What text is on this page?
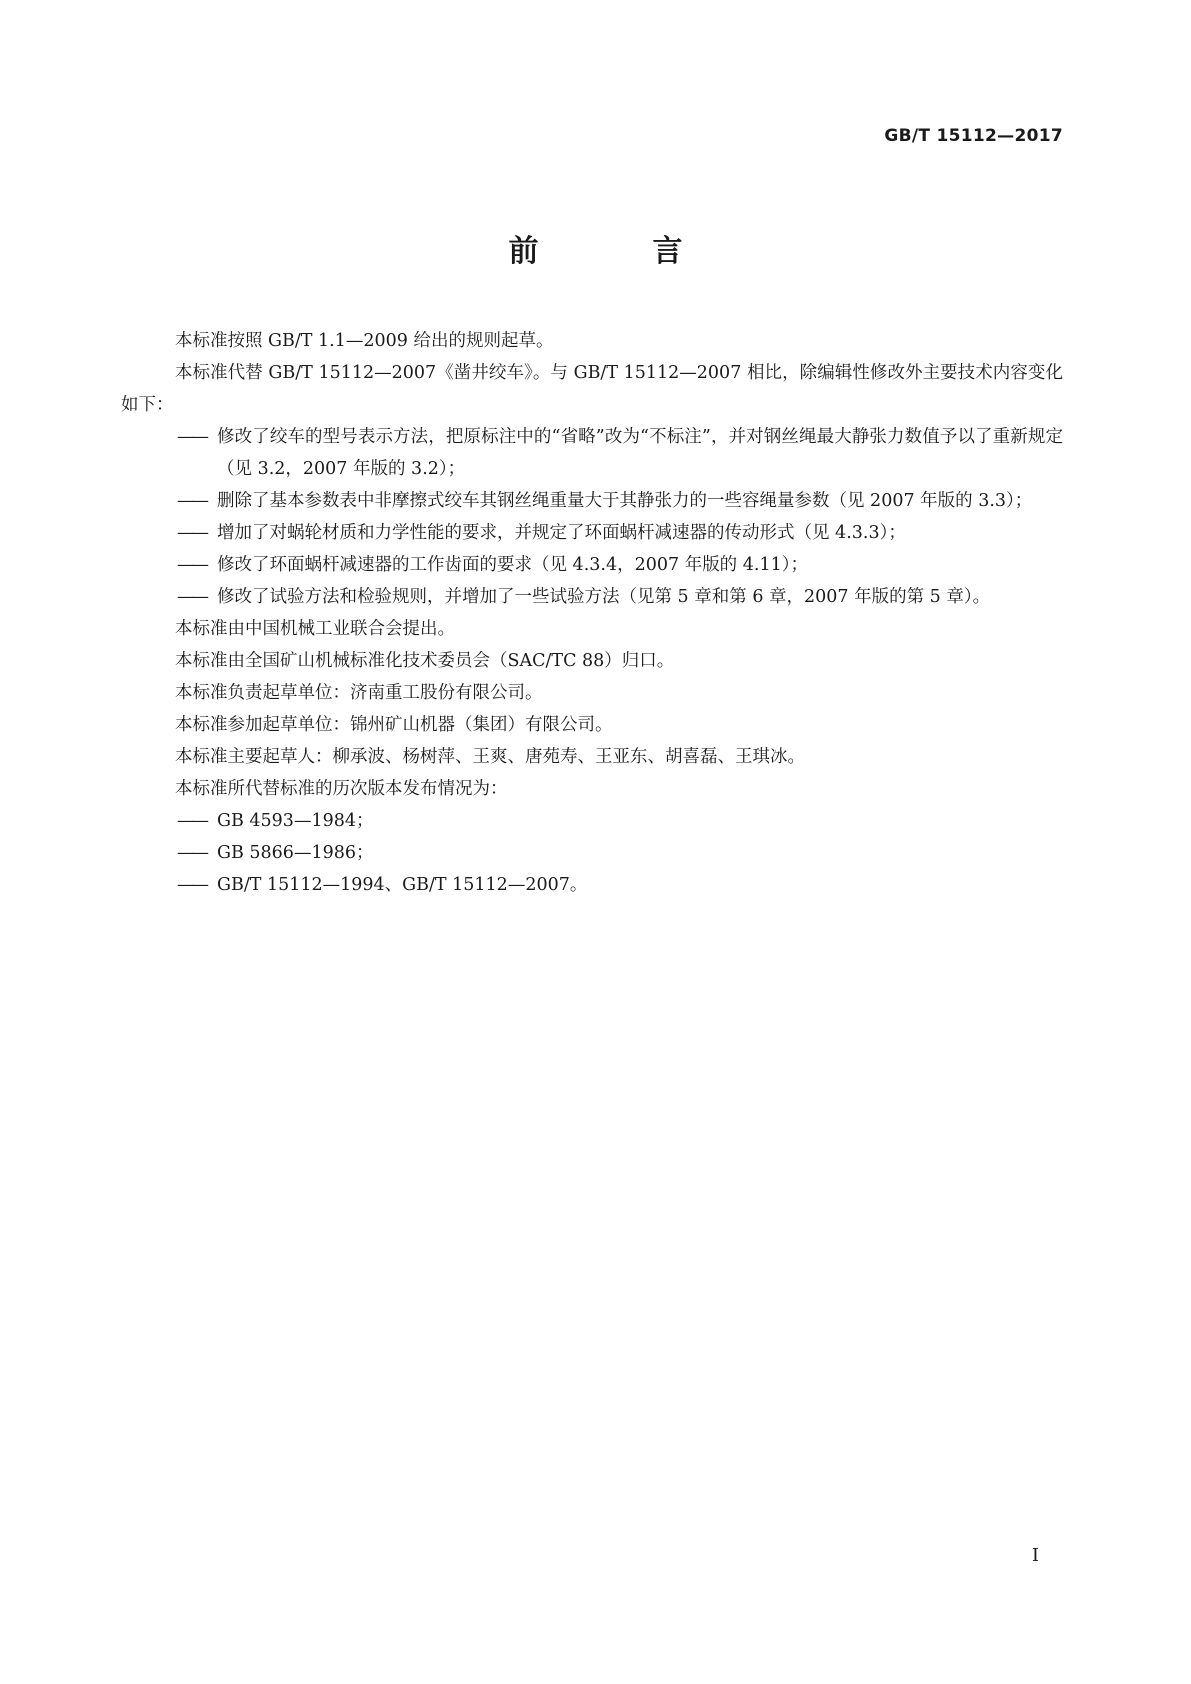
GB/T 15112—2017
前　言

本标准按照 GB/T 1.1—2009 给出的规则起草。

本标准代替 GB/T 15112—2007《凿井绞车》。与 GB/T 15112—2007 相比，除编辑性修改外主要技术内容变化如下：

—— 修改了绞车的型号表示方法，把原标注中的“省略”改为“不标注”，并对钢丝绳最大静张力数值予以了重新规定（见 3.2，2007 年版的 3.2）；
—— 删除了基本参数表中非摩擦式绞车其钢丝绳重量大于其静张力的一些容绳量参数（见 2007 年版的 3.3）；
—— 增加了对蜗轮材质和力学性能的要求，并规定了环面蜗杆减速器的传动形式（见 4.3.3）；
—— 修改了环面蜗杆减速器的工作齿面的要求（见 4.3.4，2007 年版的 4.11）；
—— 修改了试验方法和检验规则，并增加了一些试验方法（见第 5 章和第 6 章，2007 年版的第 5 章）。

本标准由中国机械工业联合会提出。

本标准由全国矿山机械标准化技术委员会（SAC/TC 88）归口。

本标准负责起草单位：济南重工股份有限公司。

本标准参加起草单位：锦州矿山机器（集团）有限公司。

本标准主要起草人：柳承波、杨树萍、王爽、唐苑寿、王亚东、胡喜磊、王琪冰。

本标准所代替标准的历次版本发布情况为：

—— GB 4593—1984；
—— GB 5866—1986；
—— GB/T 15112—1994、GB/T 15112—2007。
I
